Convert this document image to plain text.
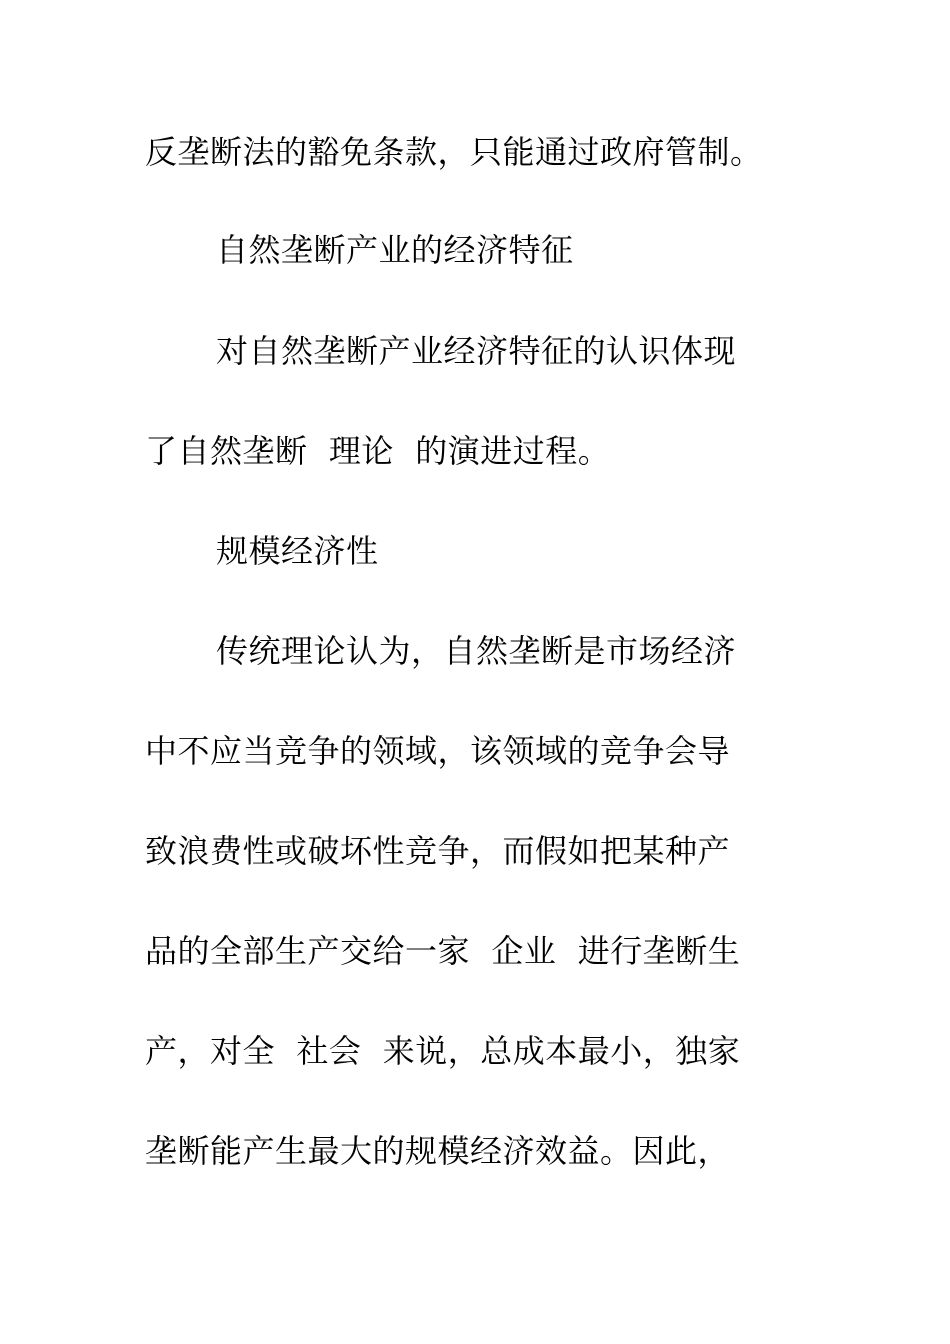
反垄断法的豁免条款，只能通过政府管制。
自然垄断产业的经济特征
对自然垄断产业经济特征的认识体现
了自然垄断  理论  的演进过程。
规模经济性
传统理论认为，自然垄断是市场经济
中不应当竞争的领域，该领域的竞争会导
致浪费性或破坏性竞争，而假如把某种产
品的全部生产交给一家  企业  进行垄断生
产，对全  社会  来说，总成本最小，独家
垄断能产生最大的规模经济效益。因此，
